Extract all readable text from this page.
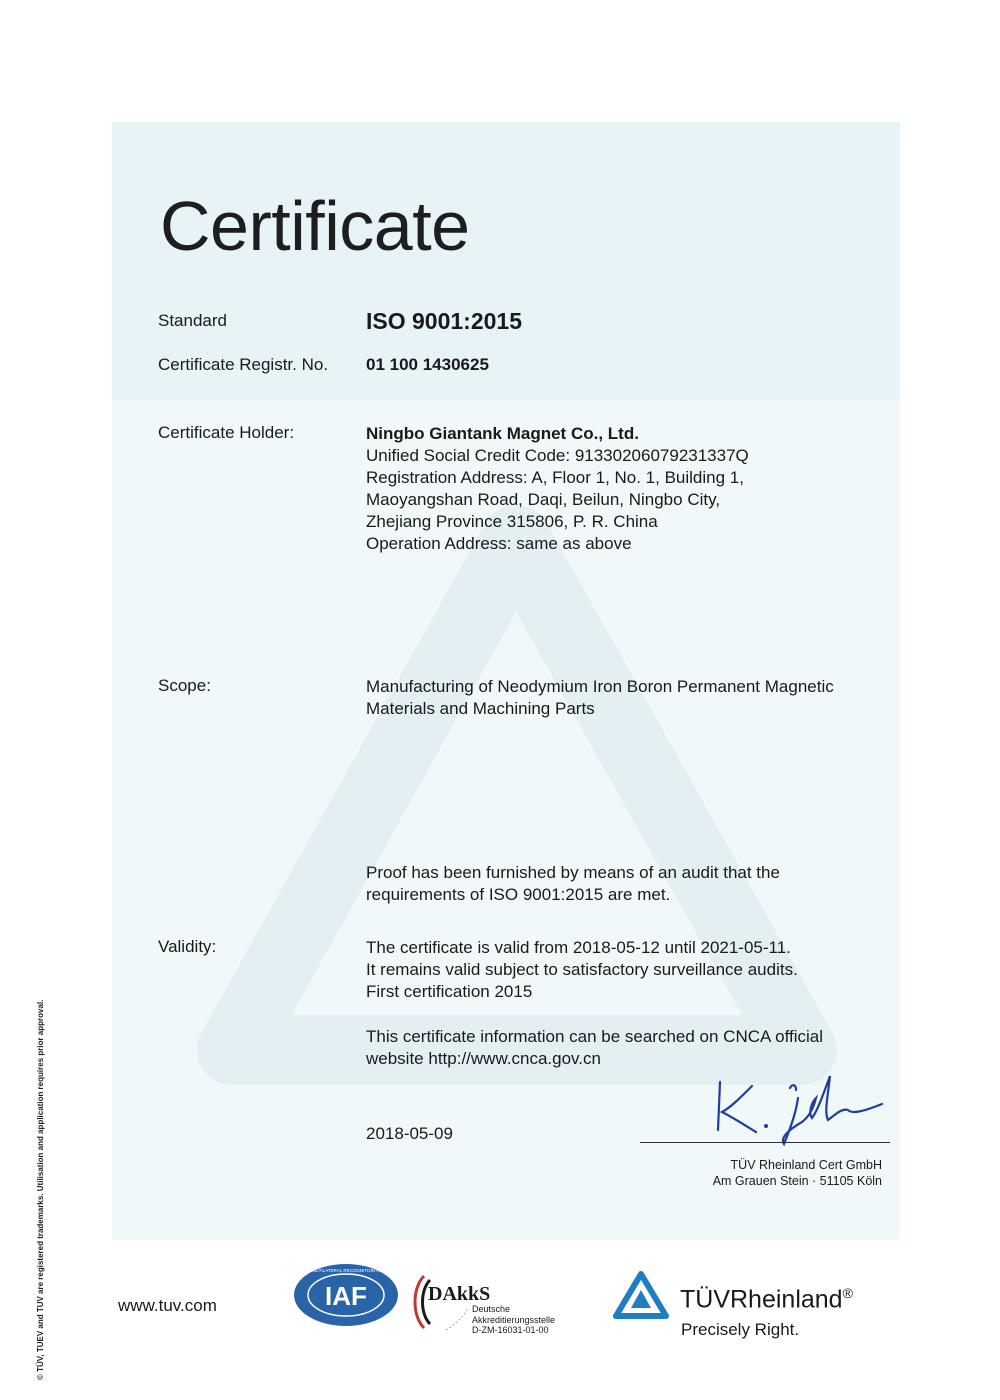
Certificate
Standard	ISO 9001:2015
Certificate Registr. No. 01 100 1430625
Certificate Holder:	Ningbo Giantank Magnet Co., Ltd.
Unified Social Credit Code: 91330206079231337Q
Registration Address: A, Floor 1, No. 1, Building 1,
Maoyangshan Road, Daqi, Beilun, Ningbo City,
Zhejiang Province 315806, P. R. China
Operation Address: same as above
Scope:	Manufacturing of Neodymium Iron Boron Permanent Magnetic
Materials and Machining Parts
Proof has been furnished by means of an audit that the
requirements of ISO 9001:2015 are met.
Validity:	The certificate is valid from 2018-05-12 until 2021-05-11.
It remains valid subject to satisfactory surveillance audits.
First certification 2015
This certificate information can be searched on CNCA official
website http://www.cnca.gov.cn
2018-05-09
TÜV Rheinland Cert GmbH
Am Grauen Stein · 51105 Köln
© TÜV, TUEV and TUV are registered trademarks. Utilisation and application requires prior approval.	www.tuv.com	IAF
MEMBER OF MULTILATERAL RECOGNITION ARRANGEMENT
DAkkS
Deutsche
Akkreditierungsstelle
D-ZM-16031-01-00
TÜVRheinland®
Precisely Right.
